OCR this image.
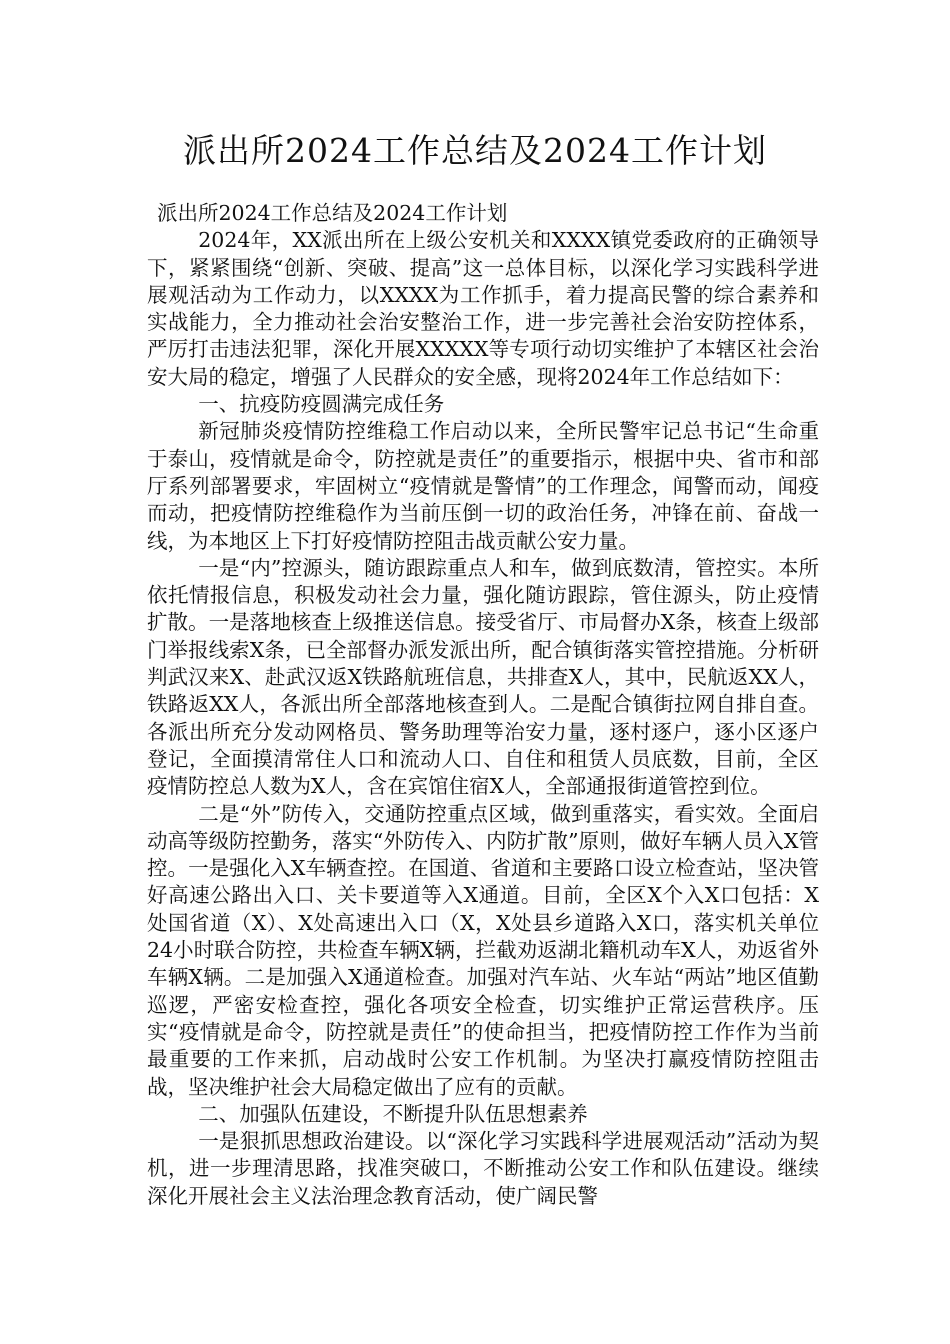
派出所2024工作总结及2024工作计划

派出所2024工作总结及2024工作计划

2024年，XX派出所在上级公安机关和XXXX镇党委政府的正确领导下，紧紧围绕“创新、突破、提高”这一总体目标，以深化学习实践科学进展观活动为工作动力，以XXXX为工作抓手，着力提高民警的综合素养和实战能力，全力推动社会治安整治工作，进一步完善社会治安防控体系，严厉打击违法犯罪，深化开展XXXXX等专项行动切实维护了本辖区社会治安大局的稳定，增强了人民群众的安全感，现将2024年工作总结如下：

一、抗疫防疫圆满完成任务

新冠肺炎疫情防控维稳工作启动以来，全所民警牢记总书记“生命重于泰山，疫情就是命令，防控就是责任”的重要指示，根据中央、省市和部厅系列部署要求，牢固树立“疫情就是警情”的工作理念，闻警而动，闻疫而动，把疫情防控维稳作为当前压倒一切的政治任务，冲锋在前、奋战一线，为本地区上下打好疫情防控阻击战贡献公安力量。

一是“内”控源头，随访跟踪重点人和车，做到底数清，管控实。本所依托情报信息，积极发动社会力量，强化随访跟踪，管住源头，防止疫情扩散。一是落地核查上级推送信息。接受省厅、市局督办X条，核查上级部门举报线索X条，已全部督办派发派出所，配合镇街落实管控措施。分析研判武汉来X、赴武汉返X铁路航班信息，共排查X人，其中，民航返XX人，铁路返XX人，各派出所全部落地核查到人。二是配合镇街拉网自排自查。各派出所充分发动网格员、警务助理等治安力量，逐村逐户，逐小区逐户登记，全面摸清常住人口和流动人口、自住和租赁人员底数，目前，全区疫情防控总人数为X人，含在宾馆住宿X人，全部通报街道管控到位。

二是“外”防传入，交通防控重点区域，做到重落实，看实效。全面启动高等级防控勤务，落实“外防传入、内防扩散”原则，做好车辆人员入X管控。一是强化入X车辆查控。在国道、省道和主要路口设立检查站，坚决管好高速公路出入口、关卡要道等入X通道。目前，全区X个入X口包括：X处国省道（X）、X处高速出入口（X，X处县乡道路入X口，落实机关单位24小时联合防控，共检查车辆X辆，拦截劝返湖北籍机动车X人，劝返省外车辆X辆。二是加强入X通道检查。加强对汽车站、火车站“两站”地区值勤巡逻，严密安检查控，强化各项安全检查，切实维护正常运营秩序。压实“疫情就是命令，防控就是责任”的使命担当，把疫情防控工作作为当前最重要的工作来抓，启动战时公安工作机制。为坚决打赢疫情防控阻击战，坚决维护社会大局稳定做出了应有的贡献。

二、加强队伍建设，不断提升队伍思想素养

一是狠抓思想政治建设。以“深化学习实践科学进展观活动”活动为契机，进一步理清思路，找准突破口，不断推动公安工作和队伍建设。继续深化开展社会主义法治理念教育活动，使广阔民警
